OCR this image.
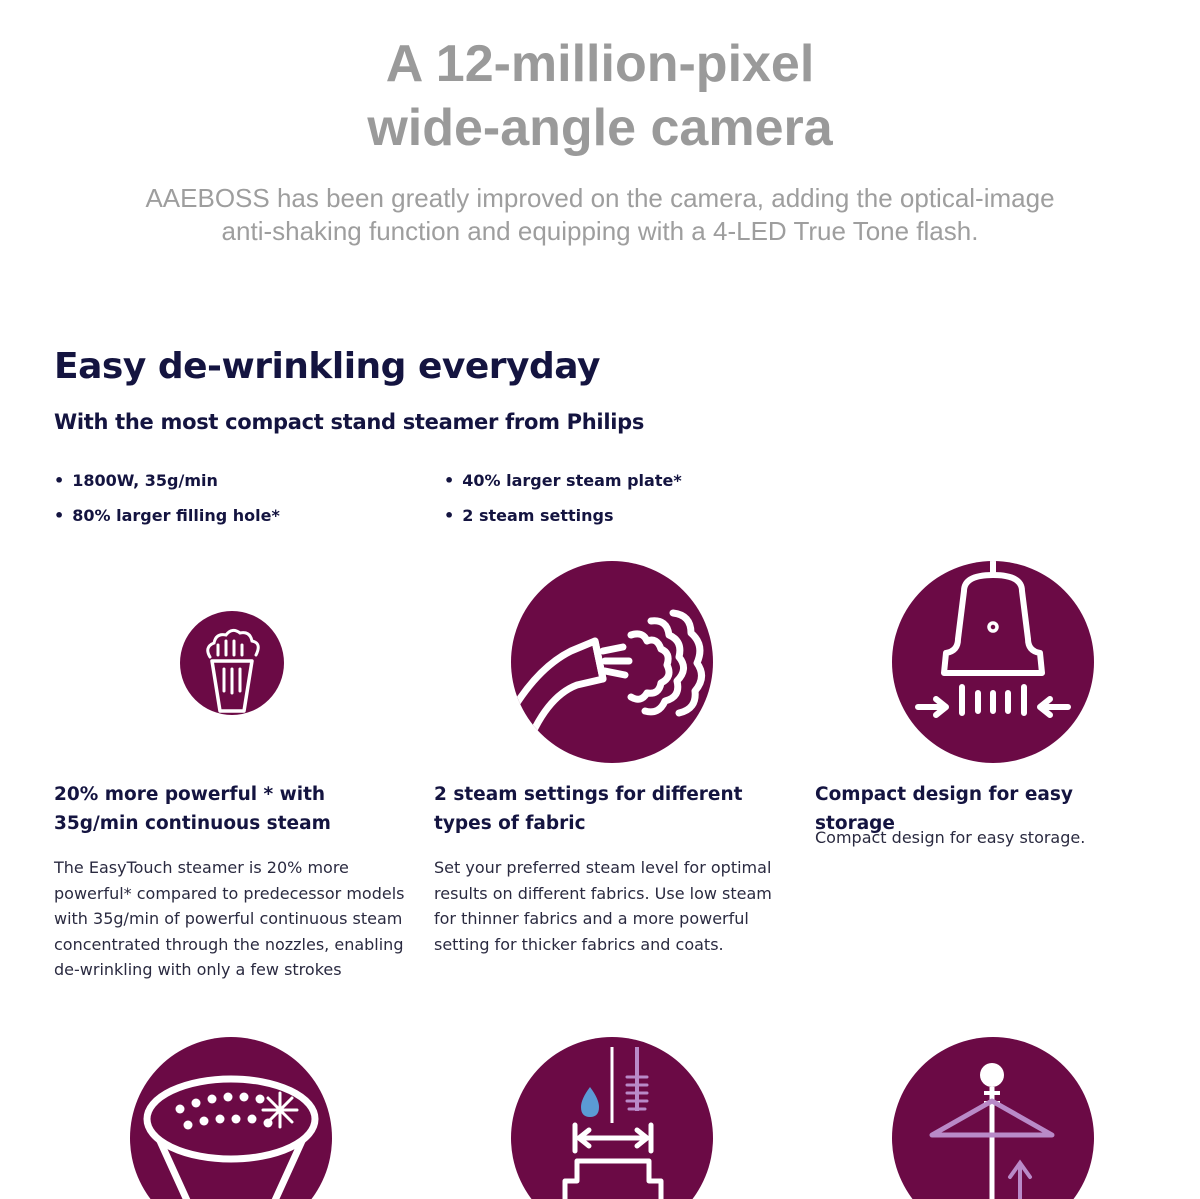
A 12-million-pixel
wide-angle camera

AAEBOSS has been greatly improved on the camera, adding the optical-image
anti-shaking function and equipping with a 4-LED True Tone flash.

Easy de-wrinkling everyday
With the most compact stand steamer from Philips
• 1800W, 35g/min	• 40% larger steam plate*
• 80% larger filling hole*	• 2 steam settings
20% more powerful * with 35g/min continuous steam

The EasyTouch steamer is 20% more powerful* compared to predecessor models with 35g/min of powerful continuous steam concentrated through the nozzles, enabling de-wrinkling with only a few strokes

2 steam settings for different types of fabric

Set your preferred steam level for optimal results on different fabrics. Use low steam for thinner fabrics and a more powerful setting for thicker fabrics and coats.

Compact design for easy storage

Compact design for easy storage.
